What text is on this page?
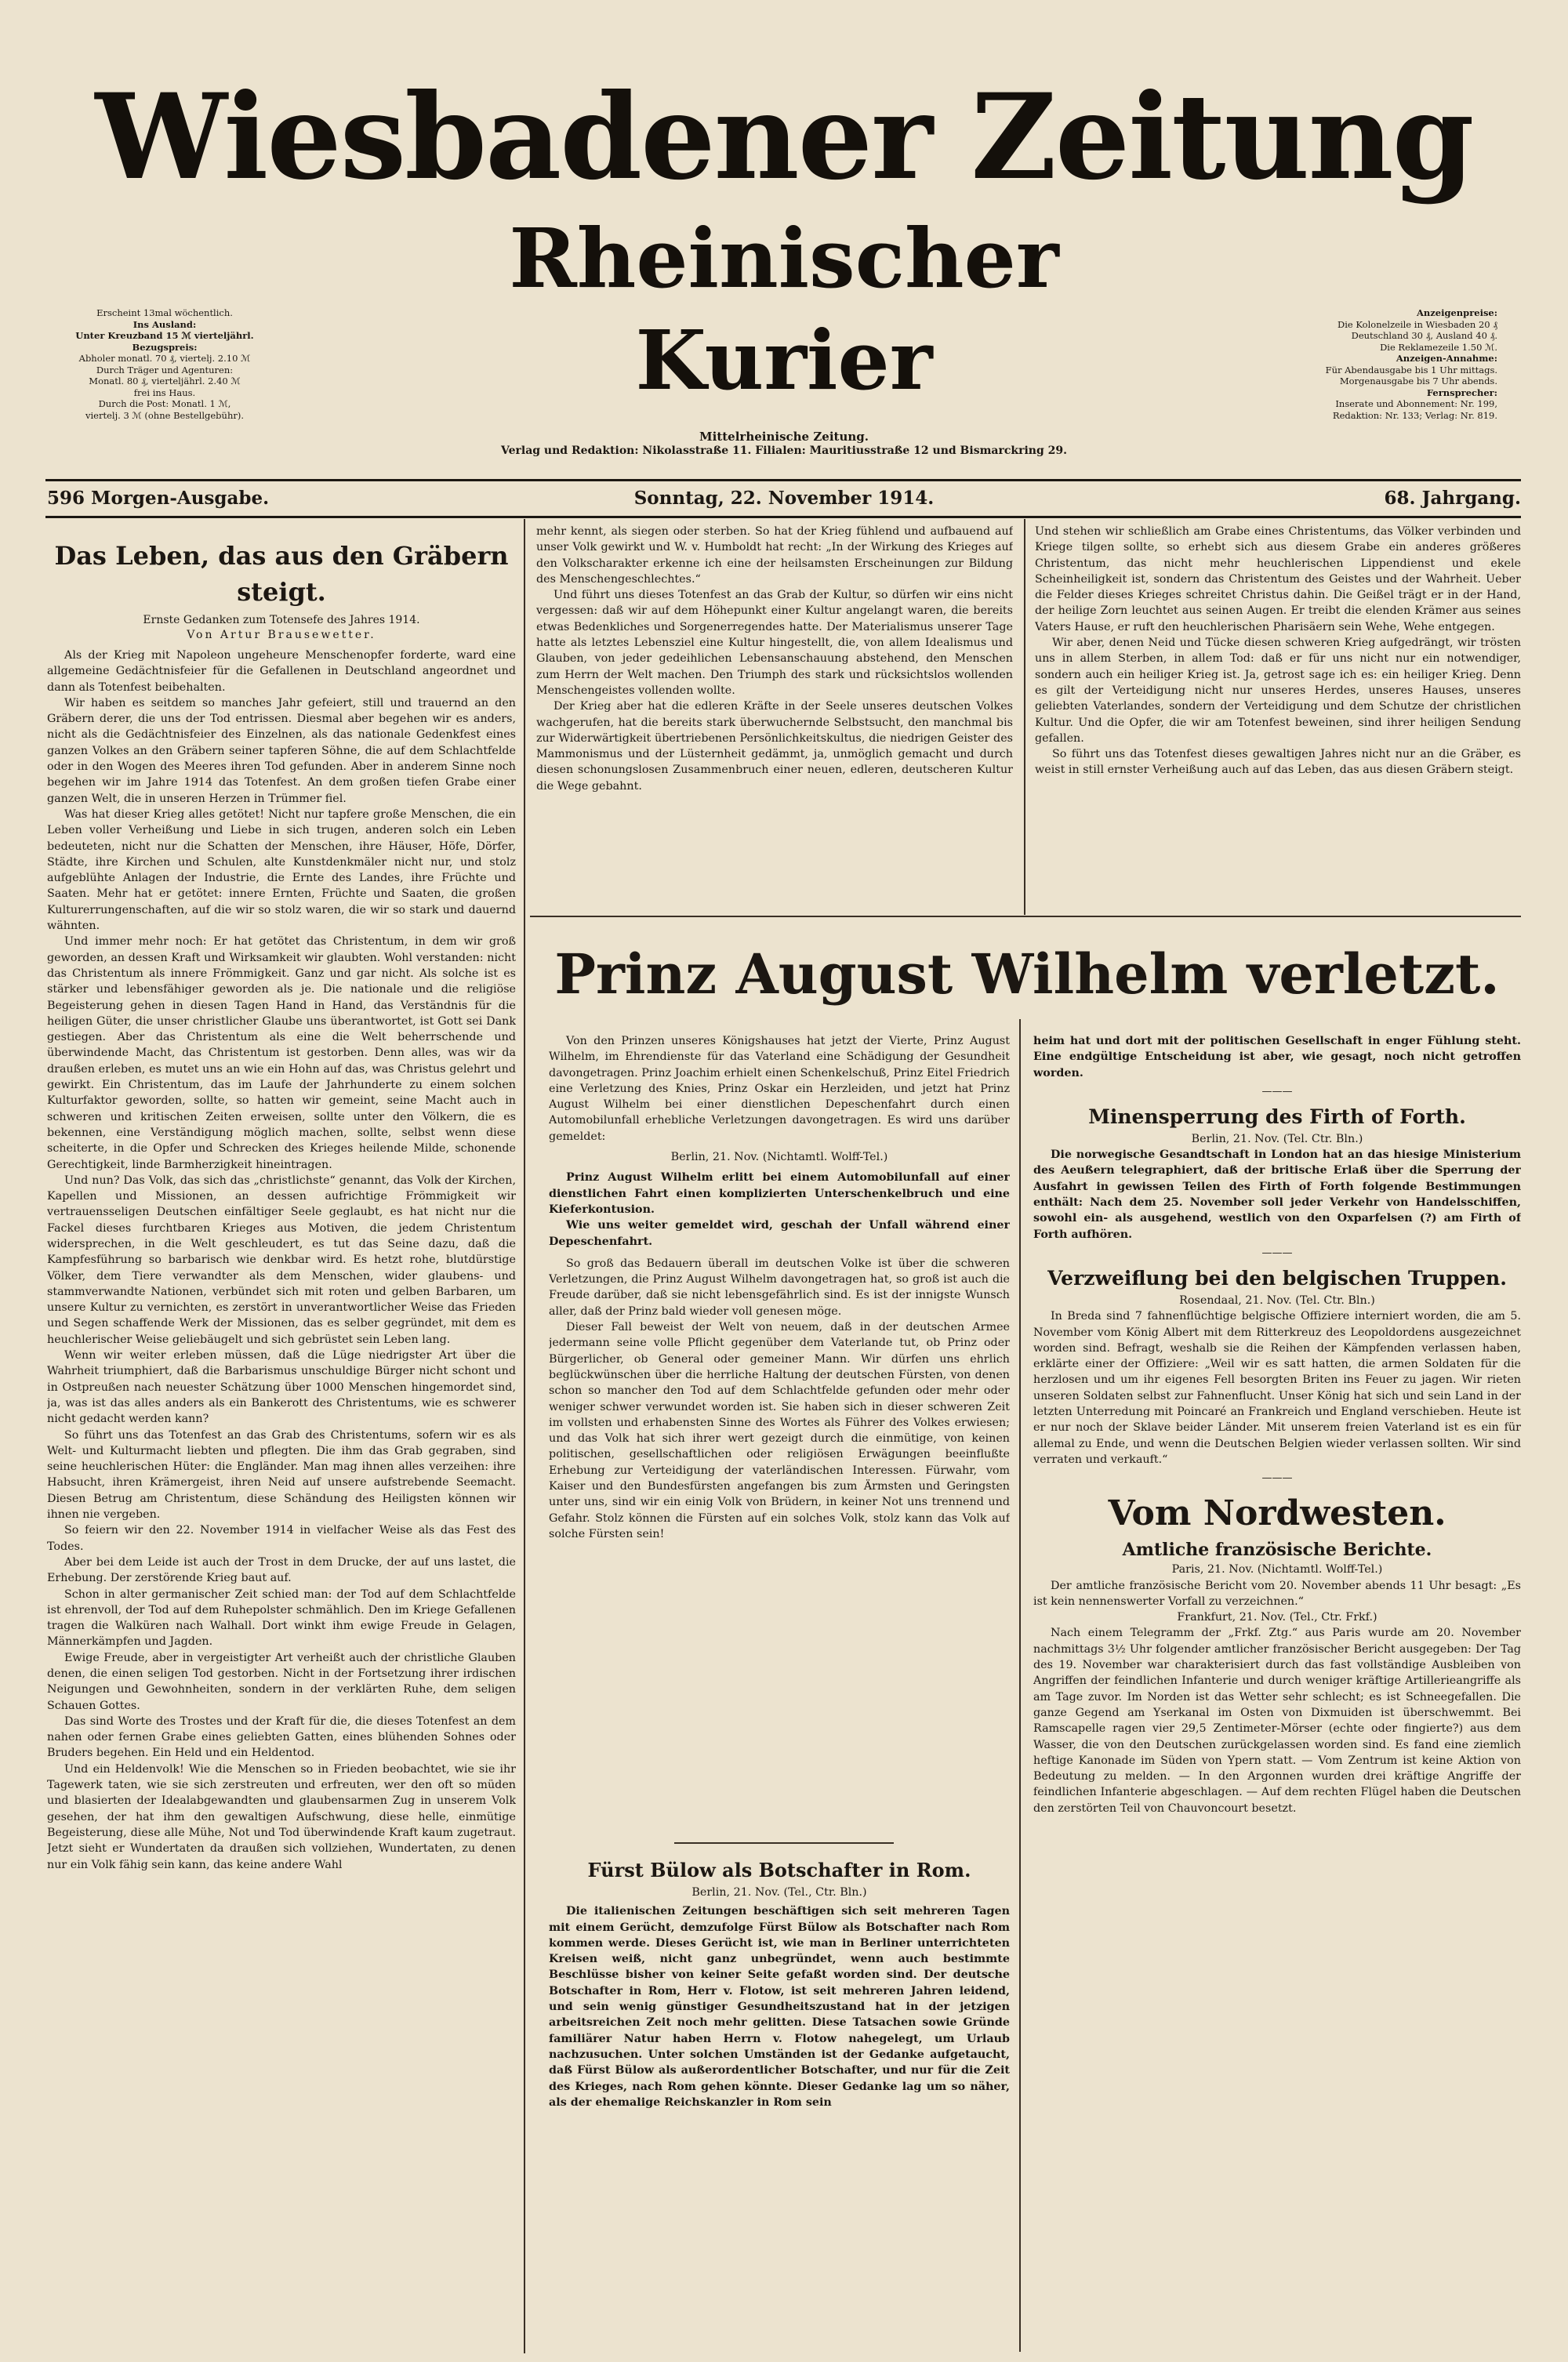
Wiesbadener Zeitung
Rheinischer Kurier
Erscheint 13mal wöchentlich.
Ins Ausland:
Unter Kreuzband 15 ℳ vierteljährl.
Bezugspreis:
Abholer monatl. 70 ₰, viertelj. 2.10 ℳ
Durch Träger und Agenturen:
Monatl. 80 ₰, vierteljährl. 2.40 ℳ
frei ins Haus.
Durch die Post: Monatl. 1 ℳ,
viertelj. 3 ℳ (ohne Bestellgebühr).
Anzeigenpreise:
Die Kolonelzeile in Wiesbaden 20 ₰
Deutschland 30 ₰, Ausland 40 ₰.
Die Reklamezeile 1.50 ℳ.
Anzeigen-Annahme:
Für Abendausgabe bis 1 Uhr mittags.
Morgenausgabe bis 7 Uhr abends.
Fernsprecher:
Inserate und Abonnement: Nr. 199,
Redaktion: Nr. 133; Verlag: Nr. 819.
Mittelrheinische Zeitung.
Verlag und Redaktion: Nikolasstraße 11. Filialen: Mauritiusstraße 12 und Bismarckring 29.
596 Morgen-Ausgabe.	Sonntag, 22. November 1914.	68. Jahrgang.
Das Leben, das aus den Gräbern steigt.
Ernste Gedanken zum Totensefe des Jahres 1914.
Von Artur Brausewetter.

Als der Krieg mit Napoleon ungeheure Menschenopfer forderte, ward eine allgemeine Gedächtnisfeier für die Gefallenen in Deutschland angeordnet und dann als Totenfest beibehalten.

Wir haben es seitdem so manches Jahr gefeiert, still und trauernd an den Gräbern derer, die uns der Tod entrissen. Diesmal aber begehen wir es anders, nicht als die Gedächtnisfeier des Einzelnen, als das nationale Gedenkfest eines ganzen Volkes an den Gräbern seiner tapferen Söhne, die auf dem Schlachtfelde oder in den Wogen des Meeres ihren Tod gefunden. Aber in anderem Sinne noch begehen wir im Jahre 1914 das Totenfest. An dem großen tiefen Grabe einer ganzen Welt, die in unseren Herzen in Trümmer fiel.

Was hat dieser Krieg alles getötet! Nicht nur tapfere große Menschen, die ein Leben voller Verheißung und Liebe in sich trugen, anderen solch ein Leben bedeuteten, nicht nur die Schatten der Menschen, ihre Häuser, Höfe, Dörfer, Städte, ihre Kirchen und Schulen, alte Kunstdenkmäler nicht nur, und stolz aufgeblühte Anlagen der Industrie, die Ernte des Landes, ihre Früchte und Saaten. Mehr hat er getötet: innere Ernten, Früchte und Saaten, die großen Kulturerrungenschaften, auf die wir so stolz waren, die wir so stark und dauernd wähnten.

Und immer mehr noch: Er hat getötet das Christentum, in dem wir groß geworden, an dessen Kraft und Wirksamkeit wir glaubten. Wohl verstanden: nicht das Christentum als innere Frömmigkeit. Ganz und gar nicht. Als solche ist es stärker und lebensfähiger geworden als je. Die nationale und die religiöse Begeisterung gehen in diesen Tagen Hand in Hand, das Verständnis für die heiligen Güter, die unser christlicher Glaube uns überantwortet, ist Gott sei Dank gestiegen. Aber das Christentum als eine die Welt beherrschende und überwindende Macht, das Christentum ist gestorben. Denn alles, was wir da draußen erleben, es mutet uns an wie ein Hohn auf das, was Christus gelehrt und gewirkt. Ein Christentum, das im Laufe der Jahrhunderte zu einem solchen Kulturfaktor geworden, sollte, so hatten wir gemeint, seine Macht auch in schweren und kritischen Zeiten erweisen, sollte unter den Völkern, die es bekennen, eine Verständigung möglich machen, sollte, selbst wenn diese scheiterte, in die Opfer und Schrecken des Krieges heilende Milde, schonende Gerechtigkeit, linde Barmherzigkeit hineintragen.

Und nun? Das Volk, das sich das „christlichste“ genannt, das Volk der Kirchen, Kapellen und Missionen, an dessen aufrichtige Frömmigkeit wir vertrauensseligen Deutschen einfältiger Seele geglaubt, es hat nicht nur die Fackel dieses furchtbaren Krieges aus Motiven, die jedem Christentum widersprechen, in die Welt geschleudert, es tut das Seine dazu, daß die Kampfesführung so barbarisch wie denkbar wird. Es hetzt rohe, blutdürstige Völker, dem Tiere verwandter als dem Menschen, wider glaubens- und stammverwandte Nationen, verbündet sich mit roten und gelben Barbaren, um unsere Kultur zu vernichten, es zerstört in unverantwortlicher Weise das Frieden und Segen schaffende Werk der Missionen, das es selber gegründet, mit dem es heuchlerischer Weise geliebäugelt und sich gebrüstet sein Leben lang.

Wenn wir weiter erleben müssen, daß die Lüge niedrigster Art über die Wahrheit triumphiert, daß die Barbarismus unschuldige Bürger nicht schont und in Ostpreußen nach neuester Schätzung über 1000 Menschen hingemordet sind, ja, was ist das alles anders als ein Bankerott des Christentums, wie es schwerer nicht gedacht werden kann?

So führt uns das Totenfest an das Grab des Christentums, sofern wir es als Welt- und Kulturmacht liebten und pflegten. Die ihm das Grab gegraben, sind seine heuchlerischen Hüter: die Engländer. Man mag ihnen alles verzeihen: ihre Habsucht, ihren Krämergeist, ihren Neid auf unsere aufstrebende Seemacht. Diesen Betrug am Christentum, diese Schändung des Heiligsten können wir ihnen nie vergeben.

So feiern wir den 22. November 1914 in vielfacher Weise als das Fest des Todes.

Aber bei dem Leide ist auch der Trost in dem Drucke, der auf uns lastet, die Erhebung. Der zerstörende Krieg baut auf.

Schon in alter germanischer Zeit schied man: der Tod auf dem Schlachtfelde ist ehrenvoll, der Tod auf dem Ruhepolster schmählich. Den im Kriege Gefallenen tragen die Walküren nach Walhall. Dort winkt ihm ewige Freude in Gelagen, Männerkämpfen und Jagden.

Ewige Freude, aber in vergeistigter Art verheißt auch der christliche Glauben denen, die einen seligen Tod gestorben. Nicht in der Fortsetzung ihrer irdischen Neigungen und Gewohnheiten, sondern in der verklärten Ruhe, dem seligen Schauen Gottes.

Das sind Worte des Trostes und der Kraft für die, die dieses Totenfest an dem nahen oder fernen Grabe eines geliebten Gatten, eines blühenden Sohnes oder Bruders begehen. Ein Held und ein Heldentod.

Und ein Heldenvolk! Wie die Menschen so in Frieden beobachtet, wie sie ihr Tagewerk taten, wie sie sich zerstreuten und erfreuten, wer den oft so müden und blasierten der Idealabgewandten und glaubensarmen Zug in unserem Volk gesehen, der hat ihm den gewaltigen Aufschwung, diese helle, einmütige Begeisterung, diese alle Mühe, Not und Tod überwindende Kraft kaum zugetraut. Jetzt sieht er Wundertaten da draußen sich vollziehen, Wundertaten, zu denen nur ein Volk fähig sein kann, das keine andere Wahl

mehr kennt, als siegen oder sterben. So hat der Krieg fühlend und aufbauend auf unser Volk gewirkt und W. v. Humboldt hat recht: „In der Wirkung des Krieges auf den Volkscharakter erkenne ich eine der heilsamsten Erscheinungen zur Bildung des Menschengeschlechtes.“

Und führt uns dieses Totenfest an das Grab der Kultur, so dürfen wir eins nicht vergessen: daß wir auf dem Höhepunkt einer Kultur angelangt waren, die bereits etwas Bedenkliches und Sorgenerregendes hatte. Der Materialismus unserer Tage hatte als letztes Lebensziel eine Kultur hingestellt, die, von allem Idealismus und Glauben, von jeder gedeihlichen Lebensanschauung abstehend, den Menschen zum Herrn der Welt machen. Den Triumph des stark und rücksichtslos wollenden Menschengeistes vollenden wollte.

Der Krieg aber hat die edleren Kräfte in der Seele unseres deutschen Volkes wachgerufen, hat die bereits stark überwuchernde Selbstsucht, den manchmal bis zur Widerwärtigkeit übertriebenen Persönlichkeitskultus, die niedrigen Geister des Mammonismus und der Lüsternheit gedämmt, ja, unmöglich gemacht und durch diesen schonungslosen Zusammenbruch einer neuen, edleren, deutscheren Kultur die Wege gebahnt.

Und stehen wir schließlich am Grabe eines Christentums, das Völker verbinden und Kriege tilgen sollte, so erhebt sich aus diesem Grabe ein anderes größeres Christentum, das nicht mehr heuchlerischen Lippendienst und ekele Scheinheiligkeit ist, sondern das Christentum des Geistes und der Wahrheit. Ueber die Felder dieses Krieges schreitet Christus dahin. Die Geißel trägt er in der Hand, der heilige Zorn leuchtet aus seinen Augen. Er treibt die elenden Krämer aus seines Vaters Hause, er ruft den heuchlerischen Pharisäern sein Wehe, Wehe entgegen.

Wir aber, denen Neid und Tücke diesen schweren Krieg aufgedrängt, wir trösten uns in allem Sterben, in allem Tod: daß er für uns nicht nur ein notwendiger, sondern auch ein heiliger Krieg ist. Ja, getrost sage ich es: ein heiliger Krieg. Denn es gilt der Verteidigung nicht nur unseres Herdes, unseres Hauses, unseres geliebten Vaterlandes, sondern der Verteidigung und dem Schutze der christlichen Kultur. Und die Opfer, die wir am Totenfest beweinen, sind ihrer heiligen Sendung gefallen.

So führt uns das Totenfest dieses gewaltigen Jahres nicht nur an die Gräber, es weist in still ernster Verheißung auch auf das Leben, das aus diesen Gräbern steigt.

Prinz August Wilhelm verletzt.

Von den Prinzen unseres Königshauses hat jetzt der Vierte, Prinz August Wilhelm, im Ehrendienste für das Vaterland eine Schädigung der Gesundheit davongetragen. Prinz Joachim erhielt einen Schenkelschuß, Prinz Eitel Friedrich eine Verletzung des Knies, Prinz Oskar ein Herzleiden, und jetzt hat Prinz August Wilhelm bei einer dienstlichen Depeschenfahrt durch einen Automobilunfall erhebliche Verletzungen davongetragen. Es wird uns darüber gemeldet:

Berlin, 21. Nov. (Nichtamtl. Wolff-Tel.)

Prinz August Wilhelm erlitt bei einem Automobilunfall auf einer dienstlichen Fahrt einen komplizierten Unterschenkelbruch und eine Kieferkontusion.

Wie uns weiter gemeldet wird, geschah der Unfall während einer Depeschenfahrt.

So groß das Bedauern überall im deutschen Volke ist über die schweren Verletzungen, die Prinz August Wilhelm davongetragen hat, so groß ist auch die Freude darüber, daß sie nicht lebensgefährlich sind. Es ist der innigste Wunsch aller, daß der Prinz bald wieder voll genesen möge.

Dieser Fall beweist der Welt von neuem, daß in der deutschen Armee jedermann seine volle Pflicht gegenüber dem Vaterlande tut, ob Prinz oder Bürgerlicher, ob General oder gemeiner Mann. Wir dürfen uns ehrlich beglückwünschen über die herrliche Haltung der deutschen Fürsten, von denen schon so mancher den Tod auf dem Schlachtfelde gefunden oder mehr oder weniger schwer verwundet worden ist. Sie haben sich in dieser schweren Zeit im vollsten und erhabensten Sinne des Wortes als Führer des Volkes erwiesen; und das Volk hat sich ihrer wert gezeigt durch die einmütige, von keinen politischen, gesellschaftlichen oder religiösen Erwägungen beeinflußte Erhebung zur Verteidigung der vaterländischen Interessen. Fürwahr, vom Kaiser und den Bundesfürsten angefangen bis zum Ärmsten und Geringsten unter uns, sind wir ein einig Volk von Brüdern, in keiner Not uns trennend und Gefahr. Stolz können die Fürsten auf ein solches Volk, stolz kann das Volk auf solche Fürsten sein!

Fürst Bülow als Botschafter in Rom.
Berlin, 21. Nov. (Tel., Ctr. Bln.)

Die italienischen Zeitungen beschäftigen sich seit mehreren Tagen mit einem Gerücht, demzufolge Fürst Bülow als Botschafter nach Rom kommen werde. Dieses Gerücht ist, wie man in Berliner unterrichteten Kreisen weiß, nicht ganz unbegründet, wenn auch bestimmte Beschlüsse bisher von keiner Seite gefaßt worden sind. Der deutsche Botschafter in Rom, Herr v. Flotow, ist seit mehreren Jahren leidend, und sein wenig günstiger Gesundheitszustand hat in der jetzigen arbeitsreichen Zeit noch mehr gelitten. Diese Tatsachen sowie Gründe familiärer Natur haben Herrn v. Flotow nahegelegt, um Urlaub nachzusuchen. Unter solchen Umständen ist der Gedanke aufgetaucht, daß Fürst Bülow als außerordentlicher Botschafter, und nur für die Zeit des Krieges, nach Rom gehen könnte. Dieser Gedanke lag um so näher, als der ehemalige Reichskanzler in Rom sein

heim hat und dort mit der politischen Gesellschaft in enger Fühlung steht. Eine endgültige Entscheidung ist aber, wie gesagt, noch nicht getroffen worden.

———
Minensperrung des Firth of Forth.
Berlin, 21. Nov. (Tel. Ctr. Bln.)

Die norwegische Gesandtschaft in London hat an das hiesige Ministerium des Aeußern telegraphiert, daß der britische Erlaß über die Sperrung der Ausfahrt in gewissen Teilen des Firth of Forth folgende Bestimmungen enthält: Nach dem 25. November soll jeder Verkehr von Handelsschiffen, sowohl ein- als ausgehend, westlich von den Oxparfelsen (?) am Firth of Forth aufhören.

———
Verzweiflung bei den belgischen Truppen.
Rosendaal, 21. Nov. (Tel. Ctr. Bln.)

In Breda sind 7 fahnenflüchtige belgische Offiziere interniert worden, die am 5. November vom König Albert mit dem Ritterkreuz des Leopoldordens ausgezeichnet worden sind. Befragt, weshalb sie die Reihen der Kämpfenden verlassen haben, erklärte einer der Offiziere: „Weil wir es satt hatten, die armen Soldaten für die herzlosen und um ihr eigenes Fell besorgten Briten ins Feuer zu jagen. Wir rieten unseren Soldaten selbst zur Fahnenflucht. Unser König hat sich und sein Land in der letzten Unterredung mit Poincaré an Frankreich und England verschieben. Heute ist er nur noch der Sklave beider Länder. Mit unserem freien Vaterland ist es ein für allemal zu Ende, und wenn die Deutschen Belgien wieder verlassen sollten. Wir sind verraten und verkauft.“

———
Vom Nordwesten.
Amtliche französische Berichte.
Paris, 21. Nov. (Nichtamtl. Wolff-Tel.)

Der amtliche französische Bericht vom 20. November abends 11 Uhr besagt: „Es ist kein nennenswerter Vorfall zu verzeichnen.“

Frankfurt, 21. Nov. (Tel., Ctr. Frkf.)

Nach einem Telegramm der „Frkf. Ztg.“ aus Paris wurde am 20. November nachmittags 3½ Uhr folgender amtlicher französischer Bericht ausgegeben: Der Tag des 19. November war charakterisiert durch das fast vollständige Ausbleiben von Angriffen der feindlichen Infanterie und durch weniger kräftige Artillerieangriffe als am Tage zuvor. Im Norden ist das Wetter sehr schlecht; es ist Schneegefallen. Die ganze Gegend am Yserkanal im Osten von Dixmuiden ist überschwemmt. Bei Ramscapelle ragen vier 29,5 Zentimeter-Mörser (echte oder fingierte?) aus dem Wasser, die von den Deutschen zurückgelassen worden sind. Es fand eine ziemlich heftige Kanonade im Süden von Ypern statt. — Vom Zentrum ist keine Aktion von Bedeutung zu melden. — In den Argonnen wurden drei kräftige Angriffe der feindlichen Infanterie abgeschlagen. — Auf dem rechten Flügel haben die Deutschen den zerstörten Teil von Chauvoncourt besetzt.
